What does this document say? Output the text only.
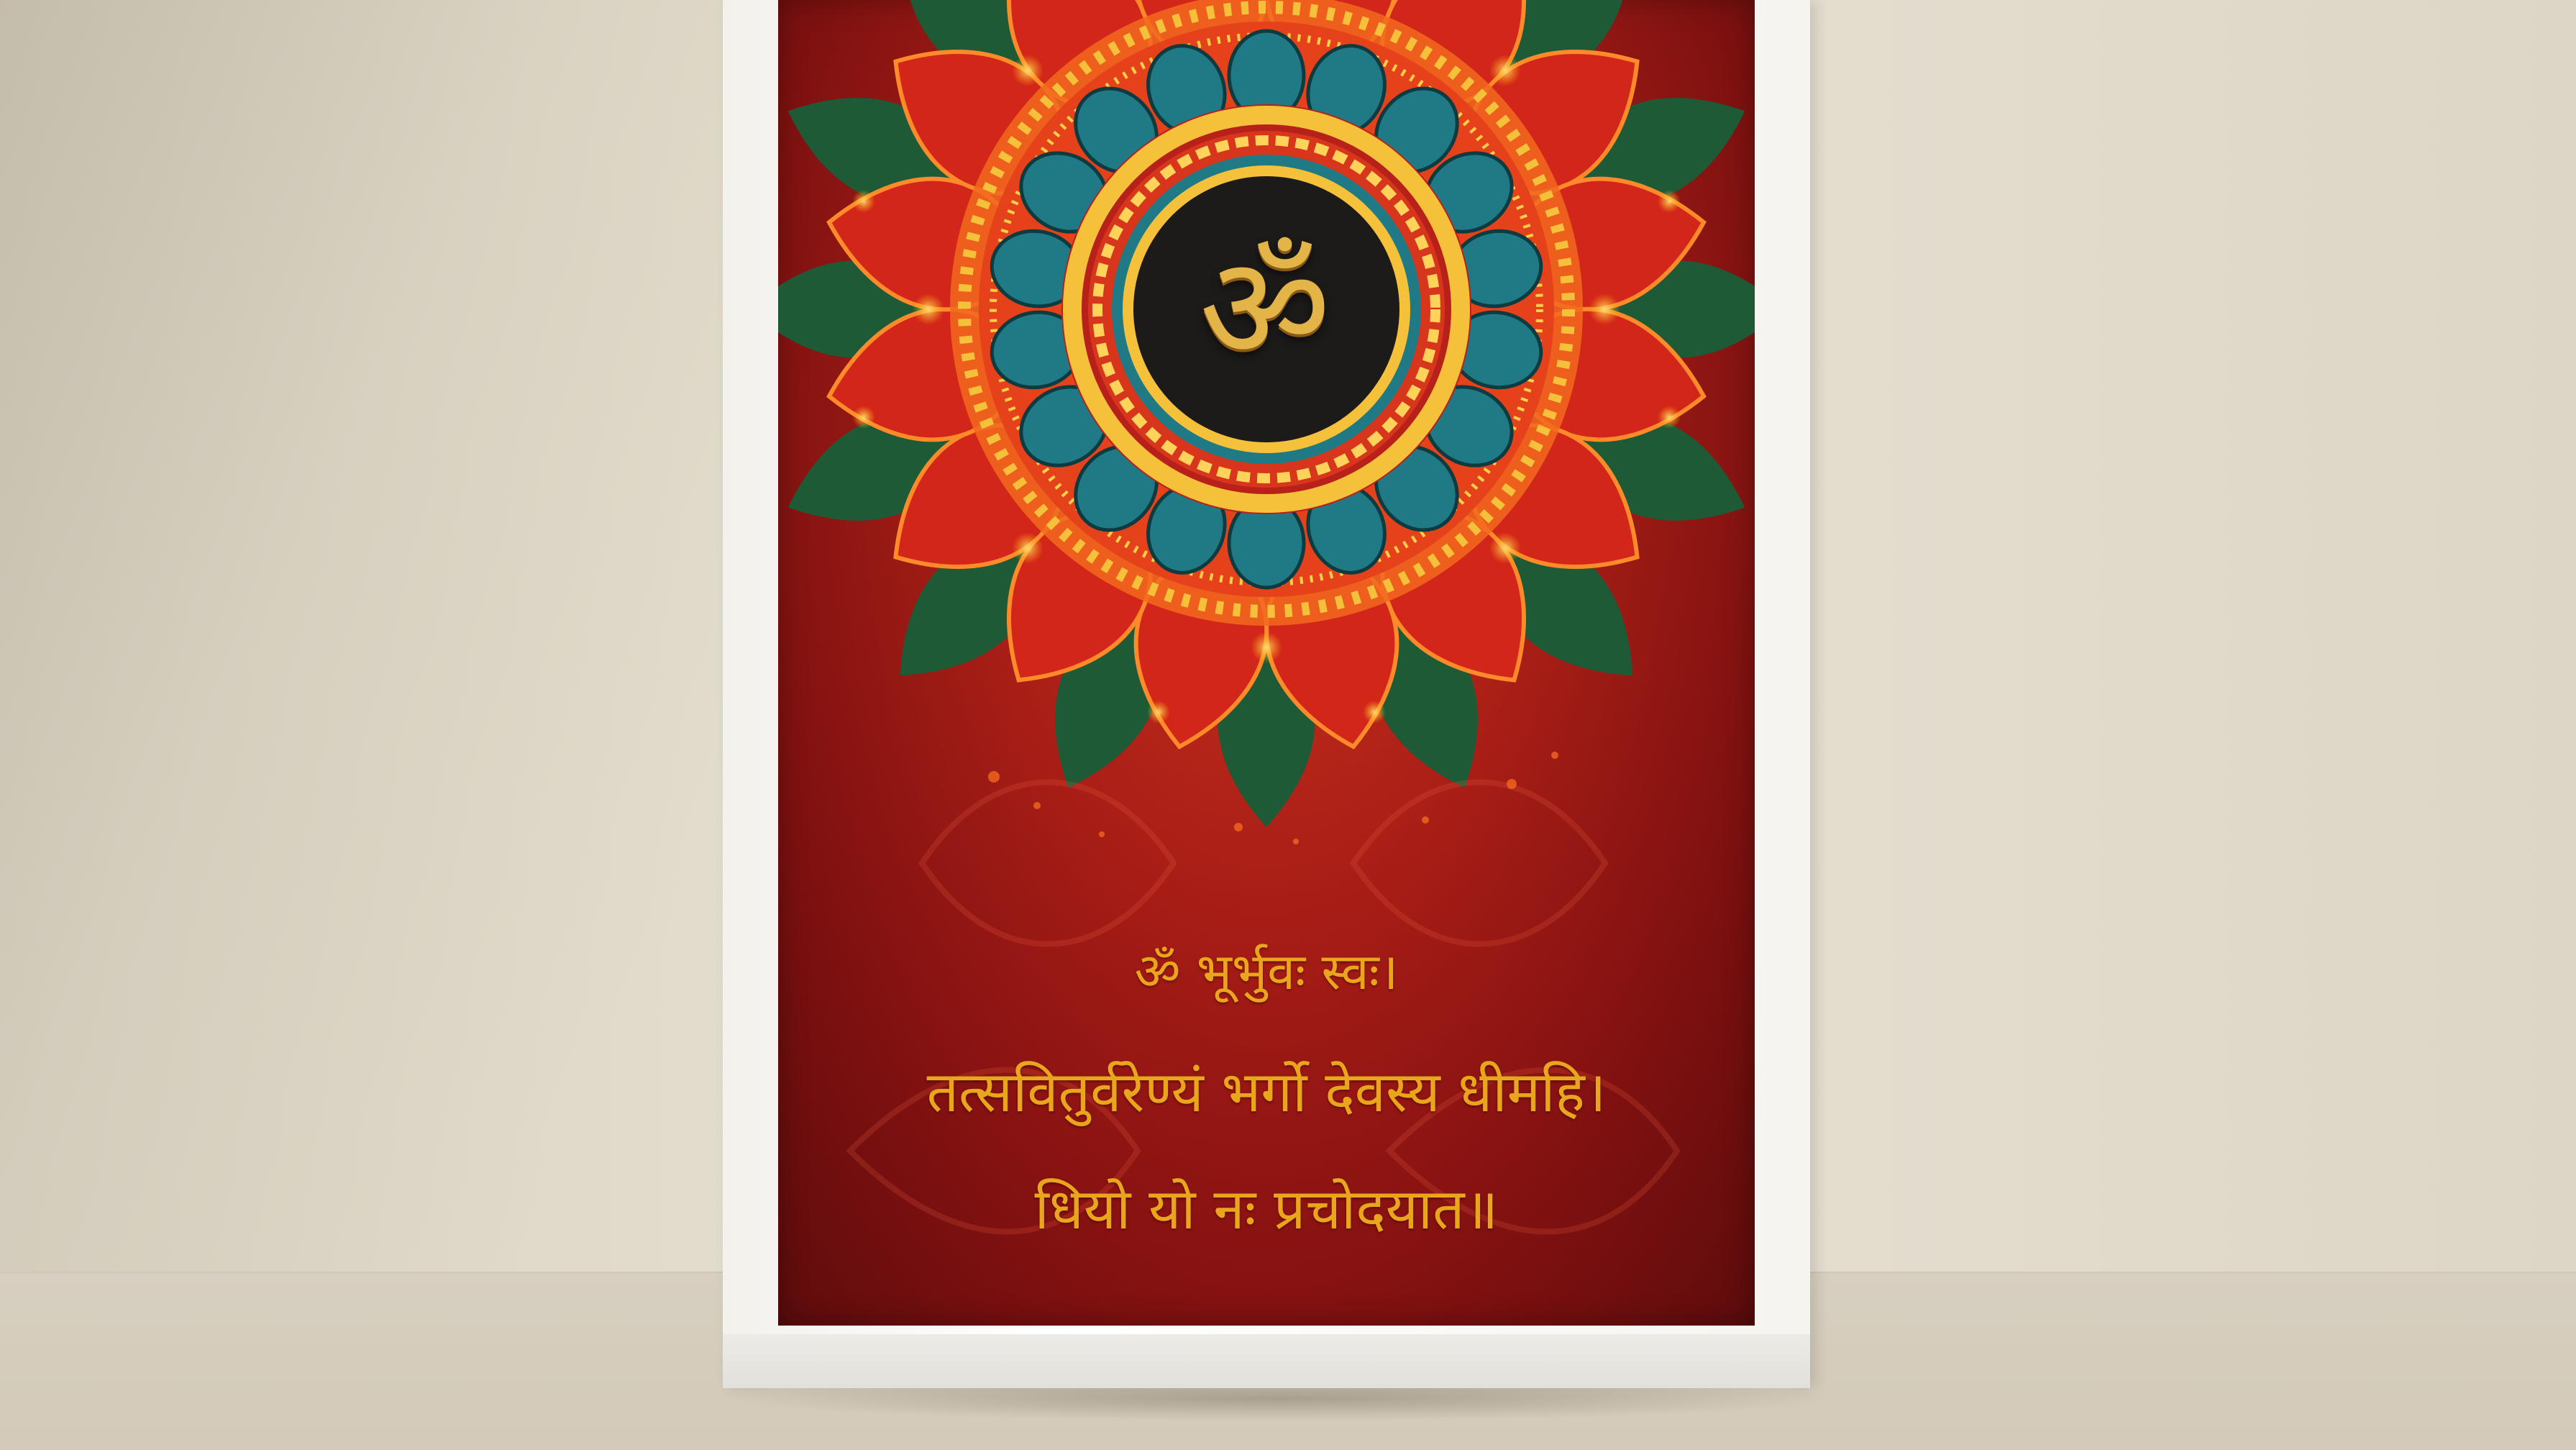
ॐ
ॐ भूर्भुवः स्वः।
तत्सवितुर्वरेण्यं भर्गो देवस्य धीमहि।
धियो यो नः प्रचोदयात॥
